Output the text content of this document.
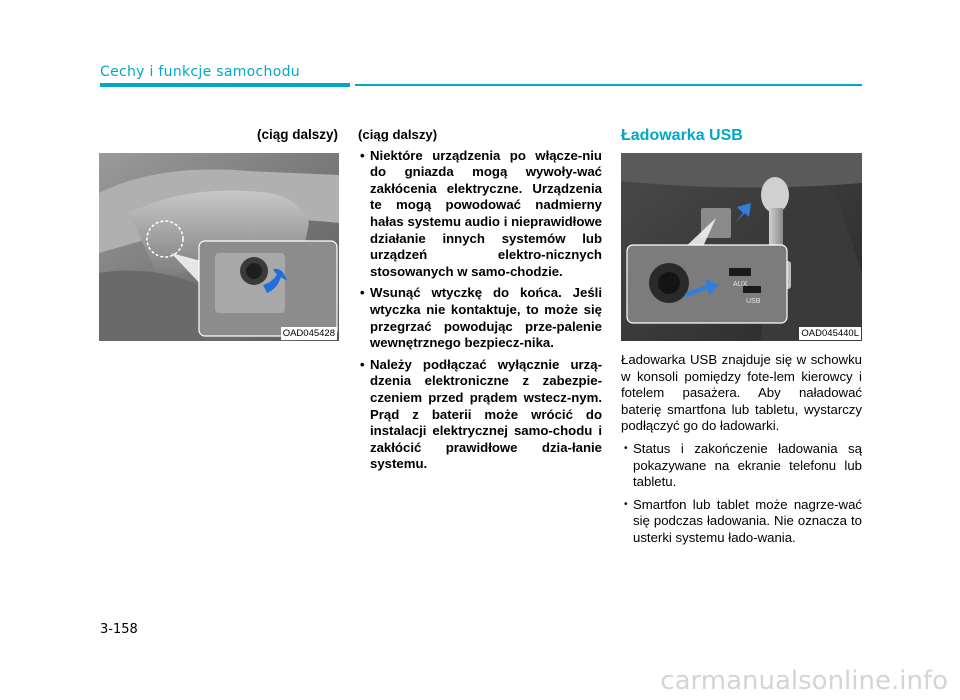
Cechy i funkcje samochodu
(ciąg dalszy)
OAD045428
(ciąg dalszy)
• Niektóre urządzenia po włącze-niu do gniazda mogą wywoły-wać zakłócenia elektryczne. Urządzenia te mogą powodować nadmierny hałas systemu audio i nieprawidłowe działanie innych systemów lub urządzeń elektro-nicznych stosowanych w samo-chodzie.
• Wsunąć wtyczkę do końca. Jeśli wtyczka nie kontaktuje, to może się przegrzać powodując prze-palenie wewnętrznego bezpiecz-nika.
• Należy podłączać wyłącznie urzą-dzenia elektroniczne z zabezpie-czeniem przed prądem wstecz-nym. Prąd z baterii może wrócić do instalacji elektrycznej samo-chodu i zakłócić prawidłowe dzia-łanie systemu.
Ładowarka USB
AUX
USB
OAD045440L

Ładowarka USB znajduje się w schowku w konsoli pomiędzy fote-lem kierowcy i fotelem pasażera. Aby naładować baterię smartfona lub tabletu, wystarczy podłączyć go do ładowarki.

• Status i zakończenie ładowania są pokazywane na ekranie telefonu lub tabletu.
• Smartfon lub tablet może nagrze-wać się podczas ładowania. Nie oznacza to usterki systemu łado-wania.
3-158
carmanualsonline.info
